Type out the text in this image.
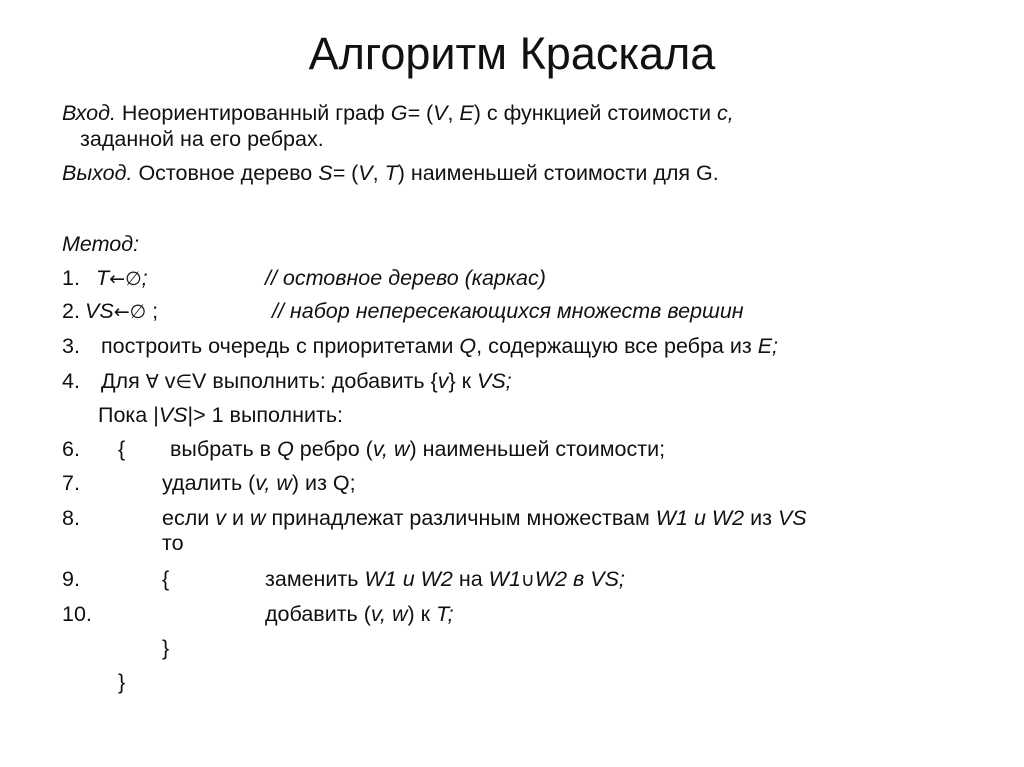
Алгоритм Краскала
Вход. Неориентированный граф G= (V, E) с функцией стоимости с,
заданной на его ребрах.
Выход. Остовное дерево S= (V, T) наименьшей стоимости для G.
Метод:
1. T←∅;	// остовное дерево (каркас)
2. VS←∅ ;	// набор непересекающихся множеств вершин
3. построить очередь с приоритетами Q, содержащую все ребра из E;
4. Для ∀ v∈V выполнить: добавить {v} к VS;
Пока |VS|> 1 выполнить:
6. { выбрать в Q ребро (v, w) наименьшей стоимости;
7.	удалить (v, w) из Q;
8.	если v и w принадлежат различным множествам W1 и W2 из VS
то
9.	{	заменить W1 и W2 на W1∪W2 в VS;
10.	добавить (v, w) к T;
}
}
